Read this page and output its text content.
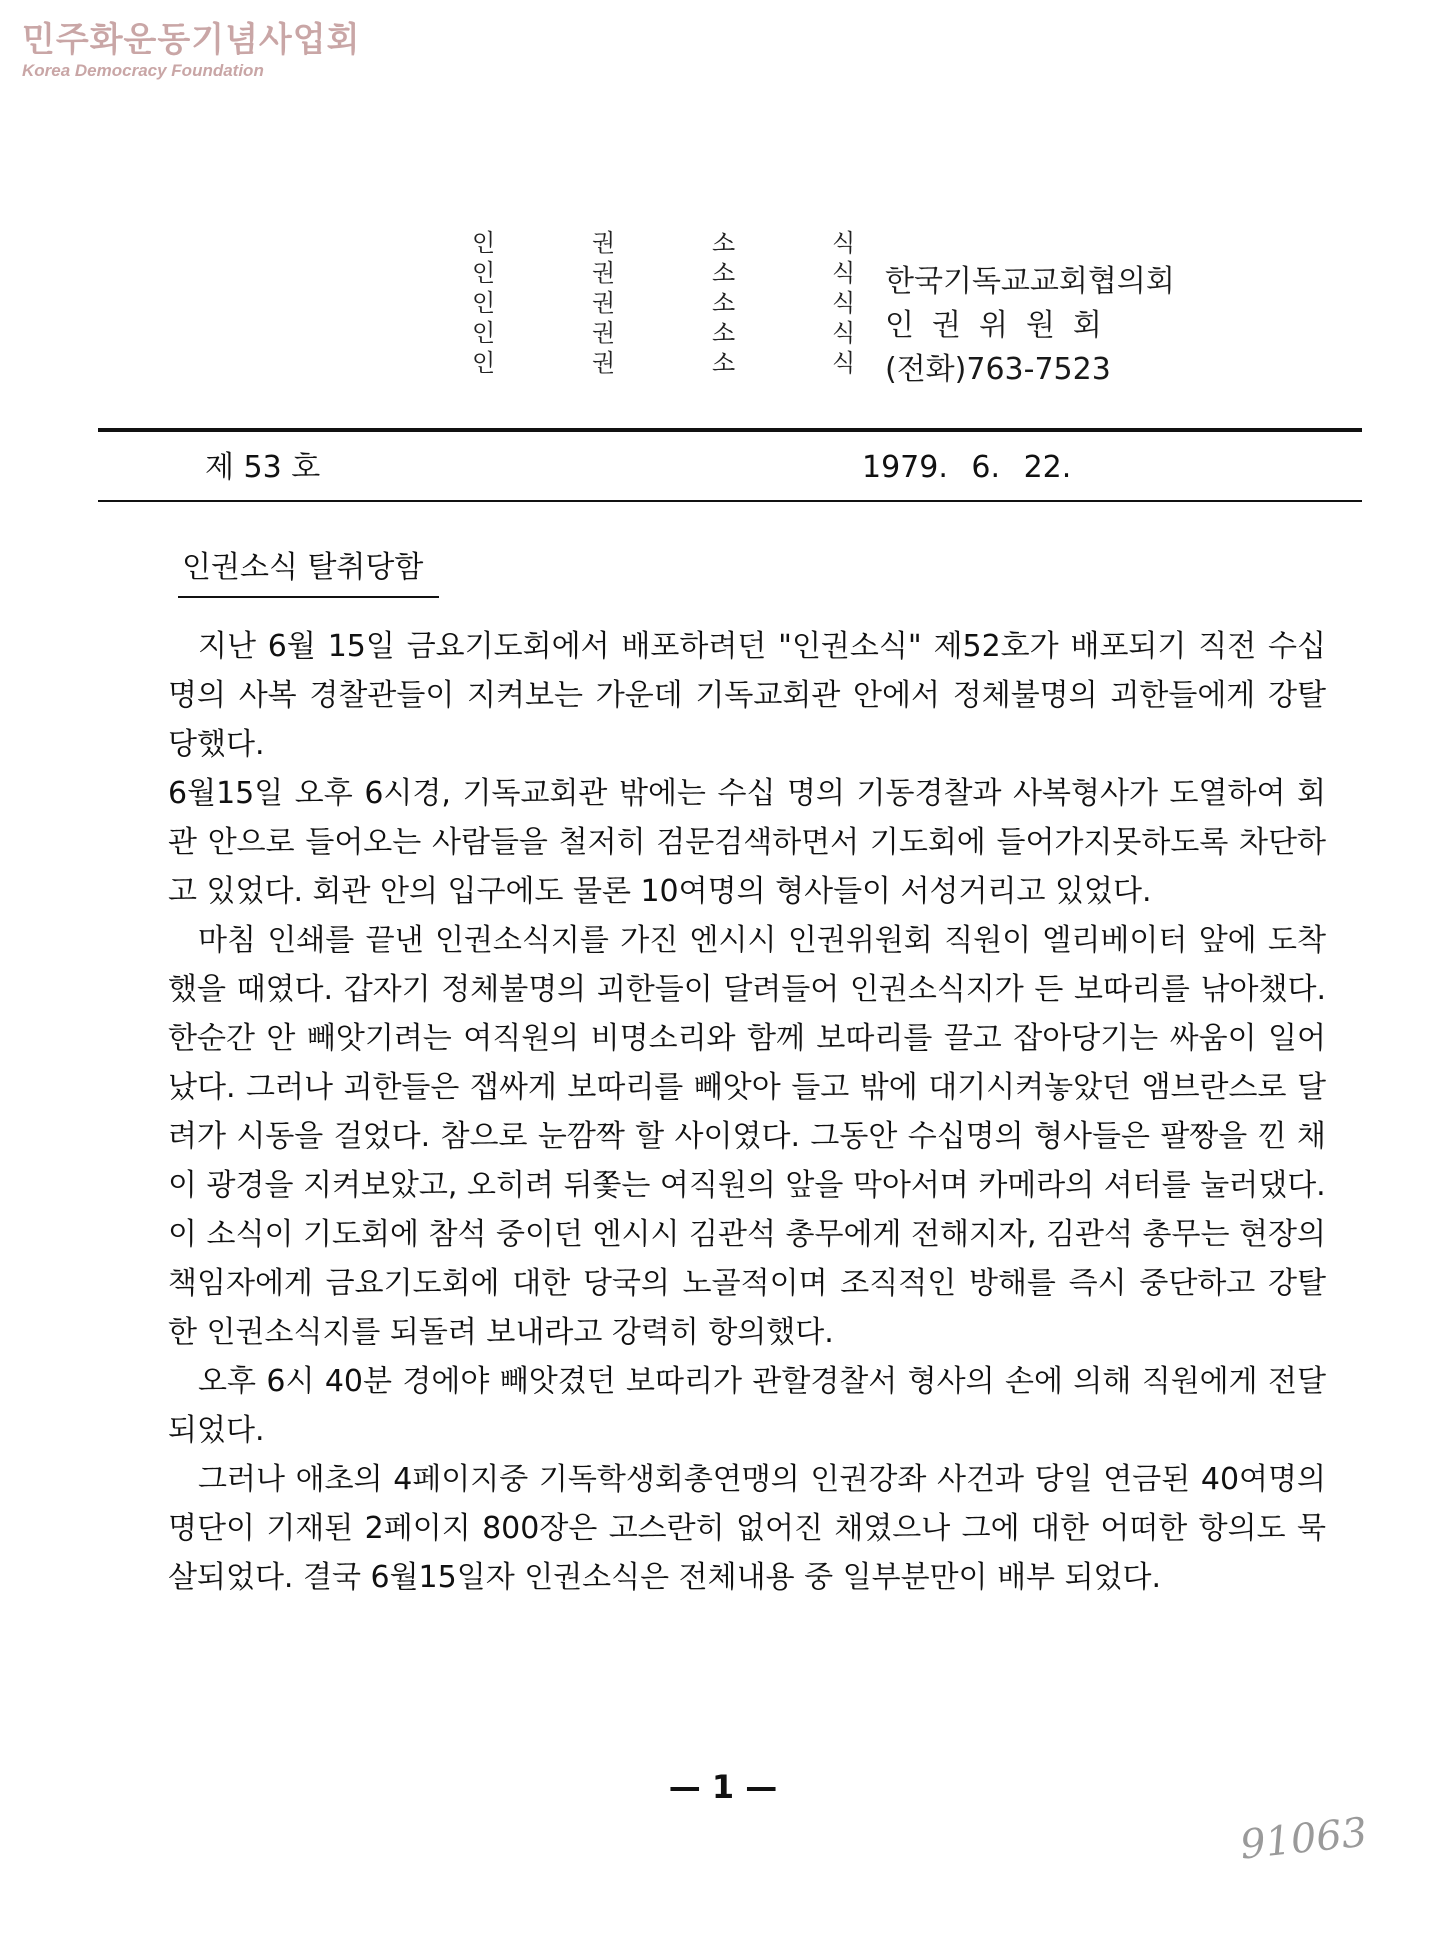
민주화운동기념사업회
Korea Democracy Foundation
인
인
인
인
인
권
권
권
권
권
소
소
소
소
소
식
식
식
식
식
한국기독교교회협의회
인권위원회
(전화)763-7523
제 53 호	1979. 6. 22.
인권소식 탈취당함

지난 6월 15일 금요기도회에서 배포하려던 "인권소식" 제52호가 배포되기 직전 수십명의 사복 경찰관들이 지켜보는 가운데 기독교회관 안에서 정체불명의 괴한들에게 강탈 당했다.

6월15일 오후 6시경, 기독교회관 밖에는 수십 명의 기동경찰과 사복형사가 도열하여 회관 안으로 들어오는 사람들을 철저히 검문검색하면서 기도회에 들어가지못하도록 차단하고 있었다. 회관 안의 입구에도 물론 10여명의 형사들이 서성거리고 있었다.

마침 인쇄를 끝낸 인권소식지를 가진 엔시시 인권위원회 직원이 엘리베이터 앞에 도착했을 때였다. 갑자기 정체불명의 괴한들이 달려들어 인권소식지가 든 보따리를 낚아챘다. 한순간 안 빼앗기려는 여직원의 비명소리와 함께 보따리를 끌고 잡아당기는 싸움이 일어났다. 그러나 괴한들은 잽싸게 보따리를 빼앗아 들고 밖에 대기시켜놓았던 앰브란스로 달려가 시동을 걸었다. 참으로 눈깜짝 할 사이였다. 그동안 수십명의 형사들은 팔짱을 낀 채 이 광경을 지켜보았고, 오히려 뒤쫓는 여직원의 앞을 막아서며 카메라의 셔터를 눌러댔다.

이 소식이 기도회에 참석 중이던 엔시시 김관석 총무에게 전해지자, 김관석 총무는 현장의 책임자에게 금요기도회에 대한 당국의 노골적이며 조직적인 방해를 즉시 중단하고 강탈한 인권소식지를 되돌려 보내라고 강력히 항의했다.

오후 6시 40분 경에야 빼앗겼던 보따리가 관할경찰서 형사의 손에 의해 직원에게 전달되었다.

그러나 애초의 4페이지중 기독학생회총연맹의 인권강좌 사건과 당일 연금된 40여명의 명단이 기재된 2페이지 800장은 고스란히 없어진 채였으나 그에 대한 어떠한 항의도 묵살되었다. 결국 6월15일자 인권소식은 전체내용 중 일부분만이 배부 되었다.

— 1 —
91063
